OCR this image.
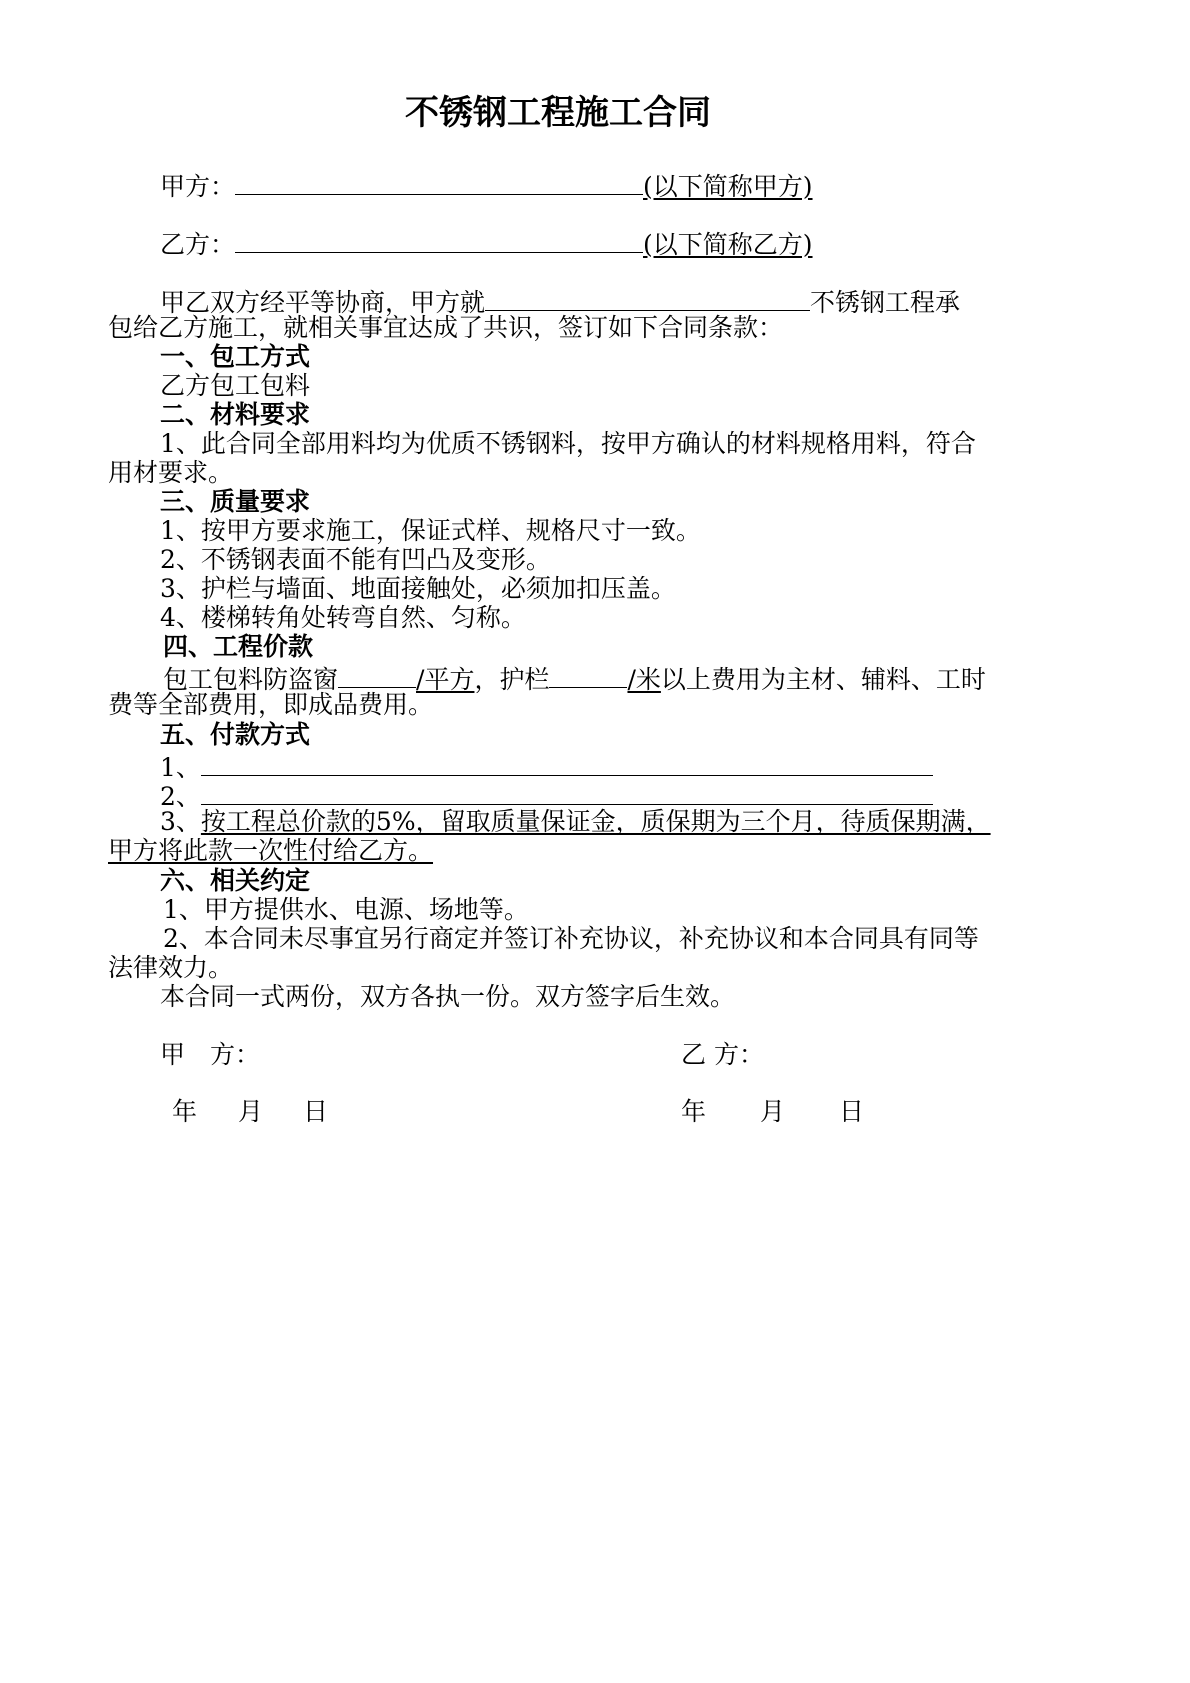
不锈钢工程施工合同
甲方：	(以下简称甲方)
乙方：	(以下简称乙方)
甲乙双方经平等协商，甲方就	不锈钢工程承
包给乙方施工，就相关事宜达成了共识，签订如下合同条款：
一、包工方式
乙方包工包料
二、材料要求
1、此合同全部用料均为优质不锈钢料，按甲方确认的材料规格用料，符合
用材要求。
三、质量要求
1、按甲方要求施工，保证式样、规格尺寸一致。
2、不锈钢表面不能有凹凸及变形。
3、护栏与墙面、地面接触处，必须加扣压盖。
4、楼梯转角处转弯自然、匀称。
四、工程价款
包工包料防盗窗	/平方，护栏	/米以上费用为主材、辅料、工时
费等全部费用，即成品费用。
五、付款方式
1、
2、
3、按工程总价款的5%，留取质量保证金，质保期为三个月，待质保期满，
甲方将此款一次性付给乙方。
六、相关约定
1、甲方提供水、电源、场地等。
2、本合同未尽事宜另行商定并签订补充协议，补充协议和本合同具有同等
法律效力。
本合同一式两份，双方各执一份。双方签字后生效。
甲　方：	乙 方：
年 月 日	年 月 日
